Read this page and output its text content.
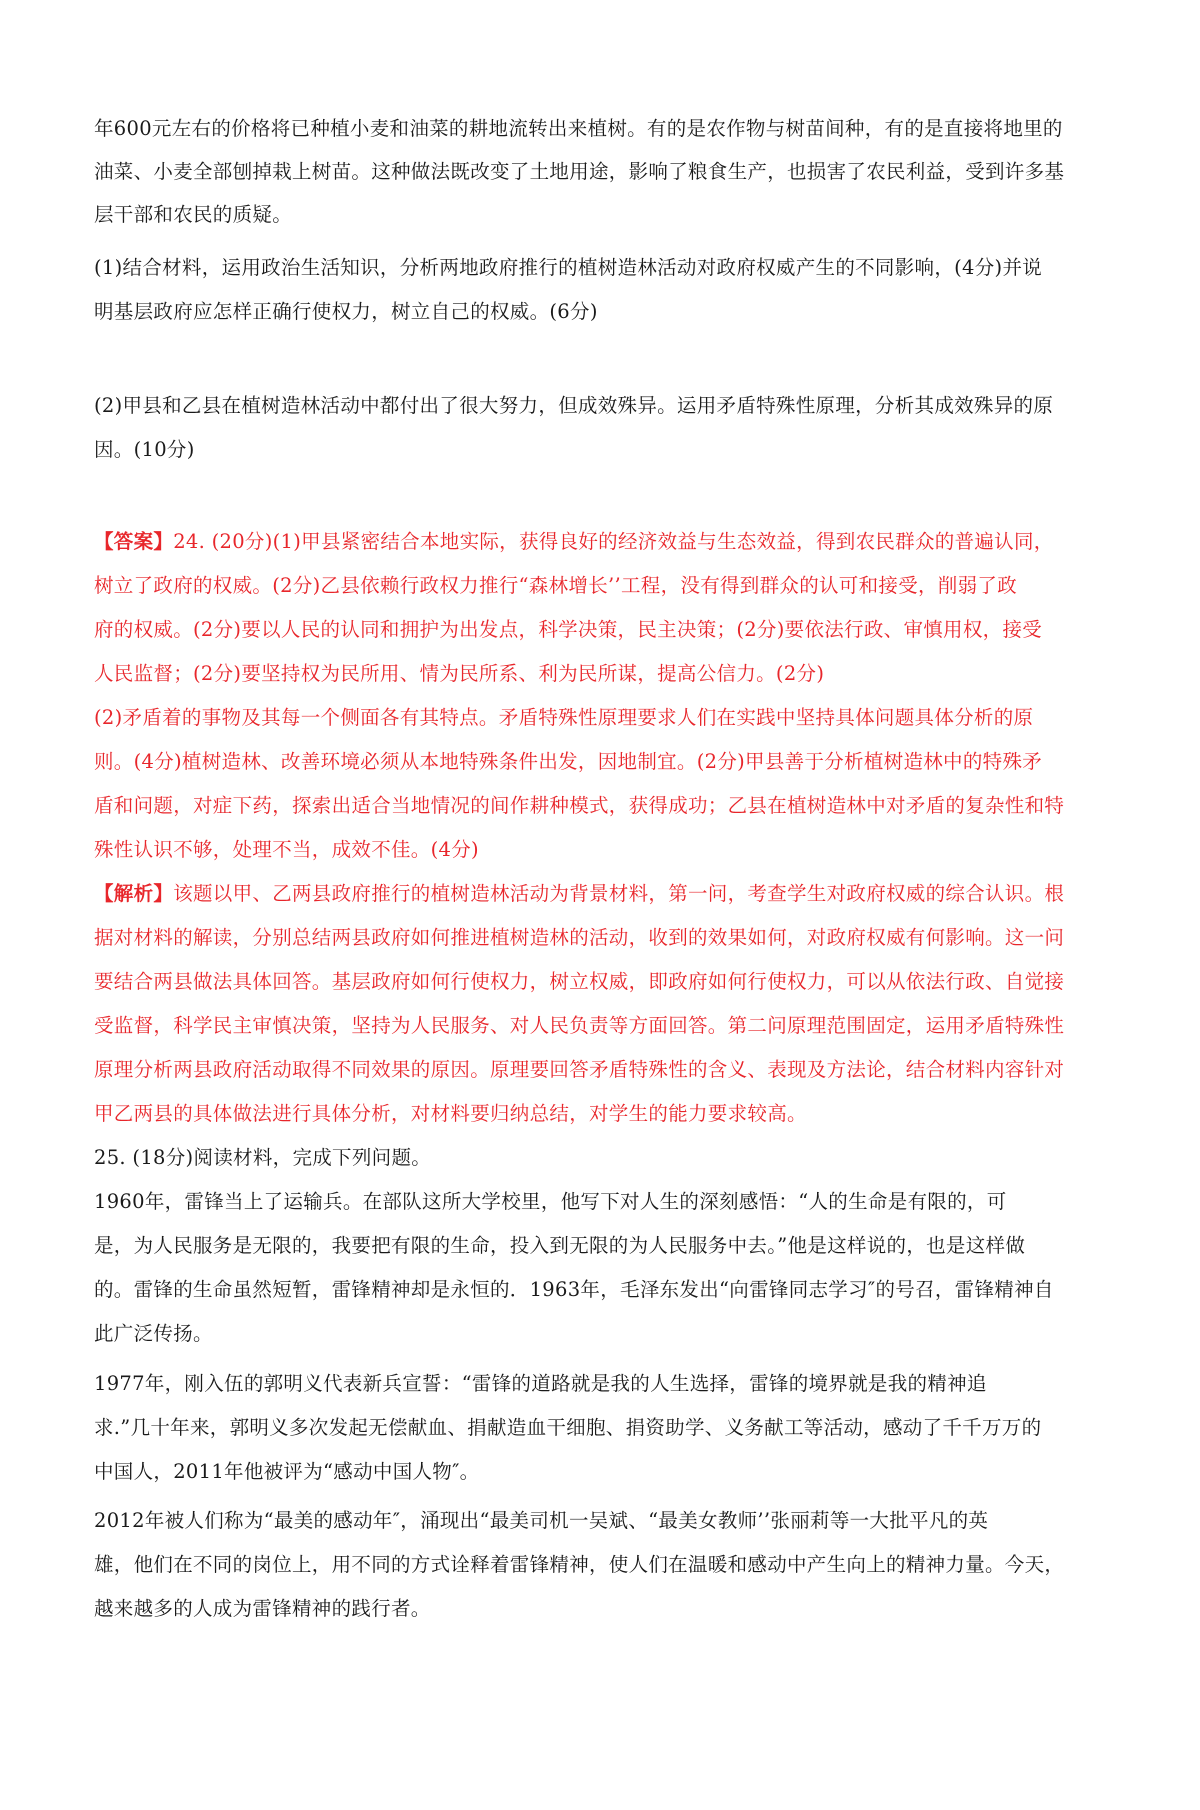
年600元左右的价格将已种植小麦和油菜的耕地流转出来植树。有的是农作物与树苗间种，有的是直接将地里的
油菜、小麦全部刨掉栽上树苗。这种做法既改变了土地用途，影响了粮食生产，也损害了农民利益，受到许多基
层干部和农民的质疑。
(1)结合材料，运用政治生活知识，分析两地政府推行的植树造林活动对政府权威产生的不同影响，(4分)并说
明基层政府应怎样正确行使权力，树立自己的权威。(6分)
(2)甲县和乙县在植树造林活动中都付出了很大努力，但成效殊异。运用矛盾特殊性原理，分析其成效殊异的原
因。(10分)
【答案】24. (20分)(1)甲县紧密结合本地实际，获得良好的经济效益与生态效益，得到农民群众的普遍认同，
树立了政府的权威。(2分)乙县依赖行政权力推行“森林增长’’工程，没有得到群众的认可和接受，削弱了政
府的权威。(2分)要以人民的认同和拥护为出发点，科学决策，民主决策；(2分)要依法行政、审慎用权，接受
人民监督；(2分)要坚持权为民所用、情为民所系、利为民所谋，提高公信力。(2分)
(2)矛盾着的事物及其每一个侧面各有其特点。矛盾特殊性原理要求人们在实践中坚持具体问题具体分析的原
则。(4分)植树造林、改善环境必须从本地特殊条件出发，因地制宜。(2分)甲县善于分析植树造林中的特殊矛
盾和问题，对症下药，探索出适合当地情况的间作耕种模式，获得成功；乙县在植树造林中对矛盾的复杂性和特
殊性认识不够，处理不当，成效不佳。(4分)
【解析】该题以甲、乙两县政府推行的植树造林活动为背景材料，第一问，考查学生对政府权威的综合认识。根
据对材料的解读，分别总结两县政府如何推进植树造林的活动，收到的效果如何，对政府权威有何影响。这一问
要结合两县做法具体回答。基层政府如何行使权力，树立权威，即政府如何行使权力，可以从依法行政、自觉接
受监督，科学民主审慎决策，坚持为人民服务、对人民负责等方面回答。第二问原理范围固定，运用矛盾特殊性
原理分析两县政府活动取得不同效果的原因。原理要回答矛盾特殊性的含义、表现及方法论，结合材料内容针对
甲乙两县的具体做法进行具体分析，对材料要归纳总结，对学生的能力要求较高。
25. (18分)阅读材料，完成下列问题。
1960年，雷锋当上了运输兵。在部队这所大学校里，他写下对人生的深刻感悟：“人的生命是有限的，可
是，为人民服务是无限的，我要把有限的生命，投入到无限的为人民服务中去。”他是这样说的，也是这样做
的。雷锋的生命虽然短暂，雷锋精神却是永恒的．1963年，毛泽东发出“向雷锋同志学习″的号召，雷锋精神自
此广泛传扬。
1977年，刚入伍的郭明义代表新兵宣誓：“雷锋的道路就是我的人生选择，雷锋的境界就是我的精神追
求.”几十年来，郭明义多次发起无偿献血、捐献造血干细胞、捐资助学、义务献工等活动，感动了千千万万的
中国人，2011年他被评为“感动中国人物″。
2012年被人们称为“最美的感动年″，涌现出“最美司机一吴斌、“最美女教师’’张丽莉等一大批平凡的英
雄，他们在不同的岗位上，用不同的方式诠释着雷锋精神，使人们在温暖和感动中产生向上的精神力量。今天，
越来越多的人成为雷锋精神的践行者。
